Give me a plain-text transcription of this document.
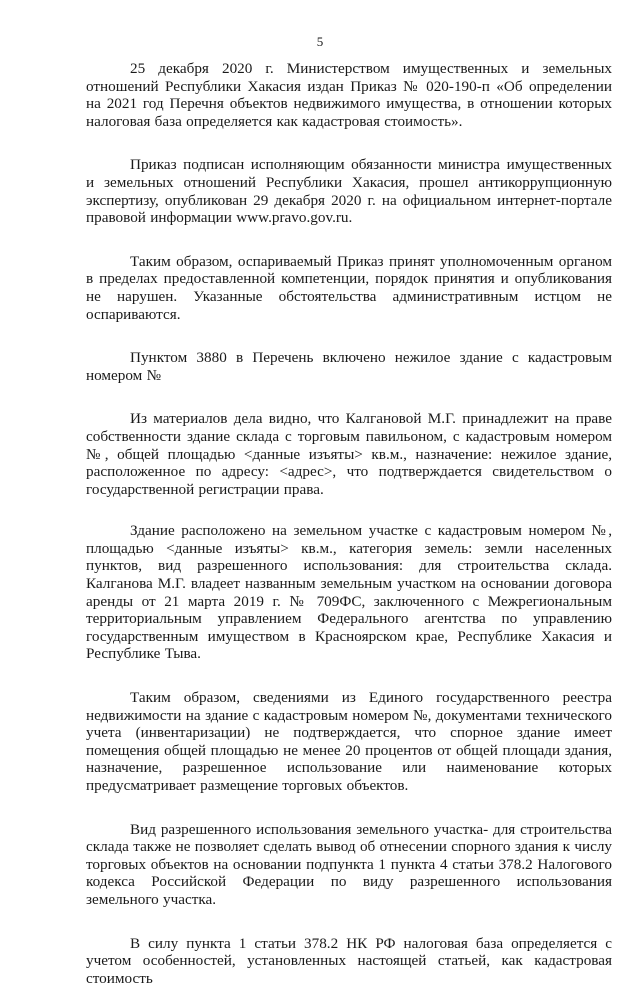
5

25 декабря 2020 г. Министерством имущественных и земельных отношений Республики Хакасия издан Приказ № 020-190-п «Об определении на 2021 год Перечня объектов недвижимого имущества, в отношении которых налоговая база определяется как кадастровая стоимость».

Приказ подписан исполняющим обязанности министра имущественных и земельных отношений Республики Хакасия, прошел антикоррупционную экспертизу, опубликован 29 декабря 2020 г. на официальном интернет-портале правовой информации www.pravo.gov.ru.

Таким образом, оспариваемый Приказ принят уполномоченным органом в пределах предоставленной компетенции, порядок принятия и опубликования не нарушен. Указанные обстоятельства административным истцом не оспариваются.

Пунктом 3880 в Перечень включено нежилое здание с кадастровым номером №

Из материалов дела видно, что Калгановой М.Г. принадлежит на праве собственности здание склада с торговым павильоном, с кадастровым номером №, общей площадью <данные изъяты> кв.м., назначение: нежилое здание, расположенное по адресу: <адрес>, что подтверждается свидетельством о государственной регистрации права.

Здание расположено на земельном участке с кадастровым номером №, площадью <данные изъяты> кв.м., категория земель: земли населенных пунктов, вид разрешенного использования: для строительства склада. Калганова М.Г. владеет названным земельным участком на основании договора аренды от 21 марта 2019 г. № 709ФС, заключенного с Межрегиональным территориальным управлением Федерального агентства по управлению государственным имуществом в Красноярском крае, Республике Хакасия и Республике Тыва.

Таким образом, сведениями из Единого государственного реестра недвижимости на здание с кадастровым номером №, документами технического учета (инвентаризации) не подтверждается, что спорное здание имеет помещения общей площадью не менее 20 процентов от общей площади здания, назначение, разрешенное использование или наименование которых предусматривает размещение торговых объектов.

Вид разрешенного использования земельного участка- для строительства склада также не позволяет сделать вывод об отнесении спорного здания к числу торговых объектов на основании подпункта 1 пункта 4 статьи 378.2 Налогового кодекса Российской Федерации по виду разрешенного использования земельного участка.

В силу пункта 1 статьи 378.2 НК РФ налоговая база определяется с учетом особенностей, установленных настоящей статьей, как кадастровая стоимость
